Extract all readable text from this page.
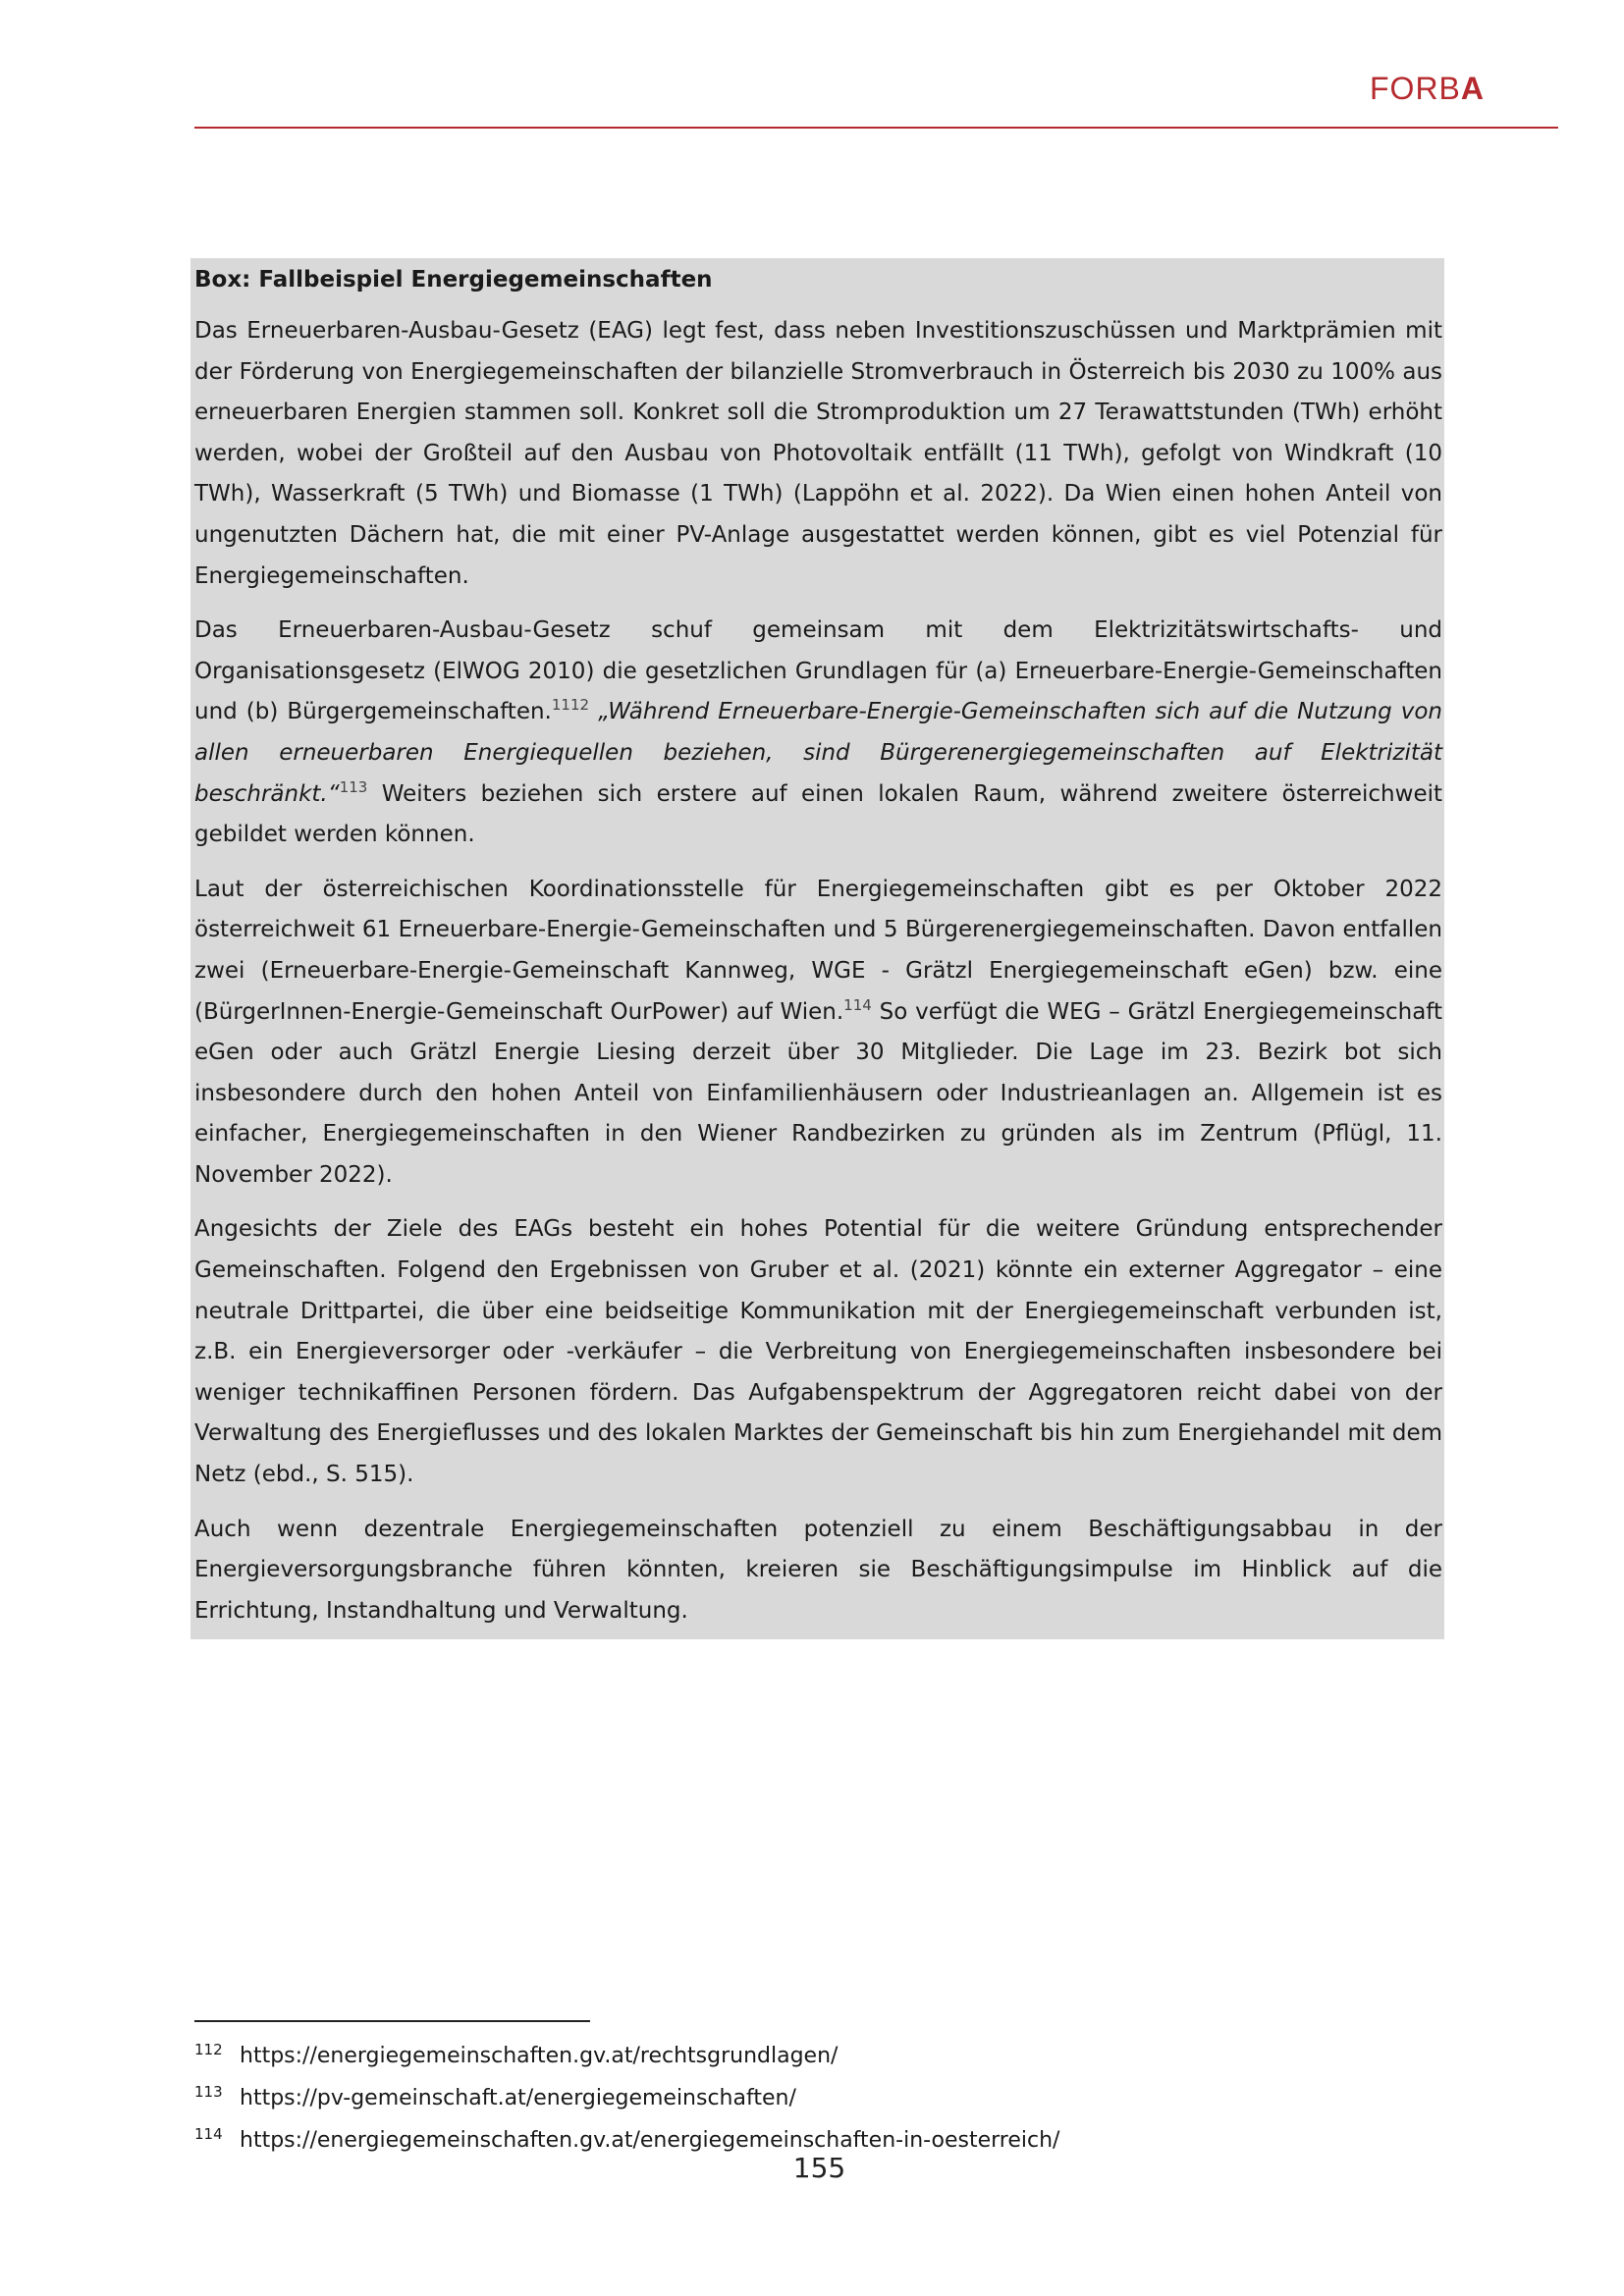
FORBA
Box: Fallbeispiel Energiegemeinschaften

Das Erneuerbaren-Ausbau-Gesetz (EAG) legt fest, dass neben Investitionszuschüssen und Marktprämien mit der Förderung von Energiegemeinschaften der bilanzielle Stromverbrauch in Österreich bis 2030 zu 100% aus erneuerbaren Energien stammen soll. Konkret soll die Stromproduktion um 27 Terawattstunden (TWh) erhöht werden, wobei der Großteil auf den Ausbau von Photovoltaik entfällt (11 TWh), gefolgt von Windkraft (10 TWh), Wasserkraft (5 TWh) und Biomasse (1 TWh) (Lappöhn et al. 2022). Da Wien einen hohen Anteil von ungenutzten Dächern hat, die mit einer PV-Anlage ausgestattet werden können, gibt es viel Potenzial für Energiegemeinschaften.

Das Erneuerbaren-Ausbau-Gesetz schuf gemeinsam mit dem Elektrizitätswirtschafts- und Organisationsgesetz (ElWOG 2010) die gesetzlichen Grundlagen für (a) Erneuerbare-Energie-Gemeinschaften und (b) Bürgergemeinschaften.$^{1112}$ „Während Erneuerbare-Energie-Gemeinschaften sich auf die Nutzung von allen erneuerbaren Energiequellen beziehen, sind Bürgerenergiegemeinschaften auf Elektrizität beschränkt.“$^{113}$ Weiters beziehen sich erstere auf einen lokalen Raum, während zweitere österreichweit gebildet werden können.

Laut der österreichischen Koordinationsstelle für Energiegemeinschaften gibt es per Oktober 2022 österreichweit 61 Erneuerbare-Energie-Gemeinschaften und 5 Bürgerenergiegemeinschaften. Davon entfallen zwei (Erneuerbare-Energie-Gemeinschaft Kannweg, WGE - Grätzl Energiegemeinschaft eGen) bzw. eine (BürgerInnen-Energie-Gemeinschaft OurPower) auf Wien.$^{114}$ So verfügt die WEG – Grätzl Energiegemeinschaft eGen oder auch Grätzl Energie Liesing derzeit über 30 Mitglieder. Die Lage im 23. Bezirk bot sich insbesondere durch den hohen Anteil von Einfamilienhäusern oder Industrieanlagen an. Allgemein ist es einfacher, Energiegemeinschaften in den Wiener Randbezirken zu gründen als im Zentrum (Pflügl, 11. November 2022).

Angesichts der Ziele des EAGs besteht ein hohes Potential für die weitere Gründung entsprechender Gemeinschaften. Folgend den Ergebnissen von Gruber et al. (2021) könnte ein externer Aggregator – eine neutrale Drittpartei, die über eine beidseitige Kommunikation mit der Energiegemeinschaft verbunden ist, z.B. ein Energieversorger oder -verkäufer – die Verbreitung von Energiegemeinschaften insbesondere bei weniger technikaffinen Personen fördern. Das Aufgabenspektrum der Aggregatoren reicht dabei von der Verwaltung des Energieflusses und des lokalen Marktes der Gemeinschaft bis hin zum Energiehandel mit dem Netz (ebd., S. 515).

Auch wenn dezentrale Energiegemeinschaften potenziell zu einem Beschäftigungsabbau in der Energieversorgungsbranche führen könnten, kreieren sie Beschäftigungsimpulse im Hinblick auf die Errichtung, Instandhaltung und Verwaltung.

112 https://energiegemeinschaften.gv.at/rechtsgrundlagen/
113 https://pv-gemeinschaft.at/energiegemeinschaften/
114 https://energiegemeinschaften.gv.at/energiegemeinschaften-in-oesterreich/
155
